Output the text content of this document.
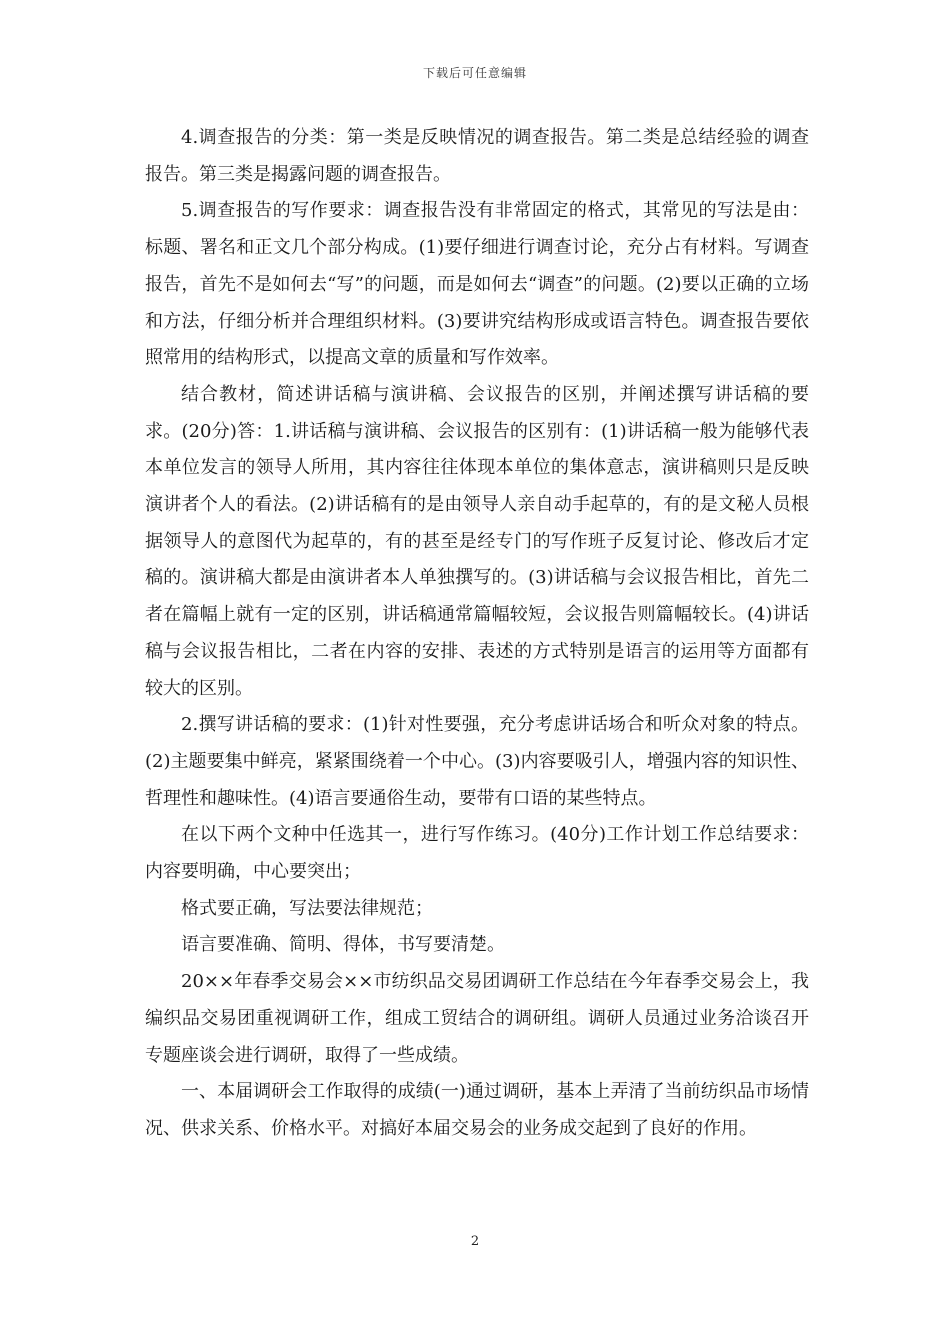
下载后可任意编辑

4.调查报告的分类：第一类是反映情况的调查报告。第二类是总结经验的调查报告。第三类是揭露问题的调查报告。

5.调查报告的写作要求：调查报告没有非常固定的格式，其常见的写法是由：标题、署名和正文几个部分构成。(1)要仔细进行调查讨论，充分占有材料。写调查报告，首先不是如何去“写”的问题，而是如何去“调查”的问题。(2)要以正确的立场和方法，仔细分析并合理组织材料。(3)要讲究结构形成或语言特色。调查报告要依照常用的结构形式，以提高文章的质量和写作效率。

结合教材，简述讲话稿与演讲稿、会议报告的区别，并阐述撰写讲话稿的要求。(20分)答：1.讲话稿与演讲稿、会议报告的区别有：(1)讲话稿一般为能够代表本单位发言的领导人所用，其内容往往体现本单位的集体意志，演讲稿则只是反映演讲者个人的看法。(2)讲话稿有的是由领导人亲自动手起草的，有的是文秘人员根据领导人的意图代为起草的，有的甚至是经专门的写作班子反复讨论、修改后才定稿的。演讲稿大都是由演讲者本人单独撰写的。(3)讲话稿与会议报告相比，首先二者在篇幅上就有一定的区别，讲话稿通常篇幅较短，会议报告则篇幅较长。(4)讲话稿与会议报告相比，二者在内容的安排、表述的方式特别是语言的运用等方面都有较大的区别。

2.撰写讲话稿的要求：(1)针对性要强，充分考虑讲话场合和听众对象的特点。(2)主题要集中鲜亮，紧紧围绕着一个中心。(3)内容要吸引人，增强内容的知识性、哲理性和趣味性。(4)语言要通俗生动，要带有口语的某些特点。

在以下两个文种中任选其一，进行写作练习。(40分)工作计划工作总结要求：内容要明确，中心要突出；

格式要正确，写法要法律规范；

语言要准确、简明、得体，书写要清楚。

20××年春季交易会××市纺织品交易团调研工作总结在今年春季交易会上，我编织品交易团重视调研工作，组成工贸结合的调研组。调研人员通过业务洽谈召开专题座谈会进行调研，取得了一些成绩。

一、本届调研会工作取得的成绩(一)通过调研，基本上弄清了当前纺织品市场情况、供求关系、价格水平。对搞好本届交易会的业务成交起到了良好的作用。

2
